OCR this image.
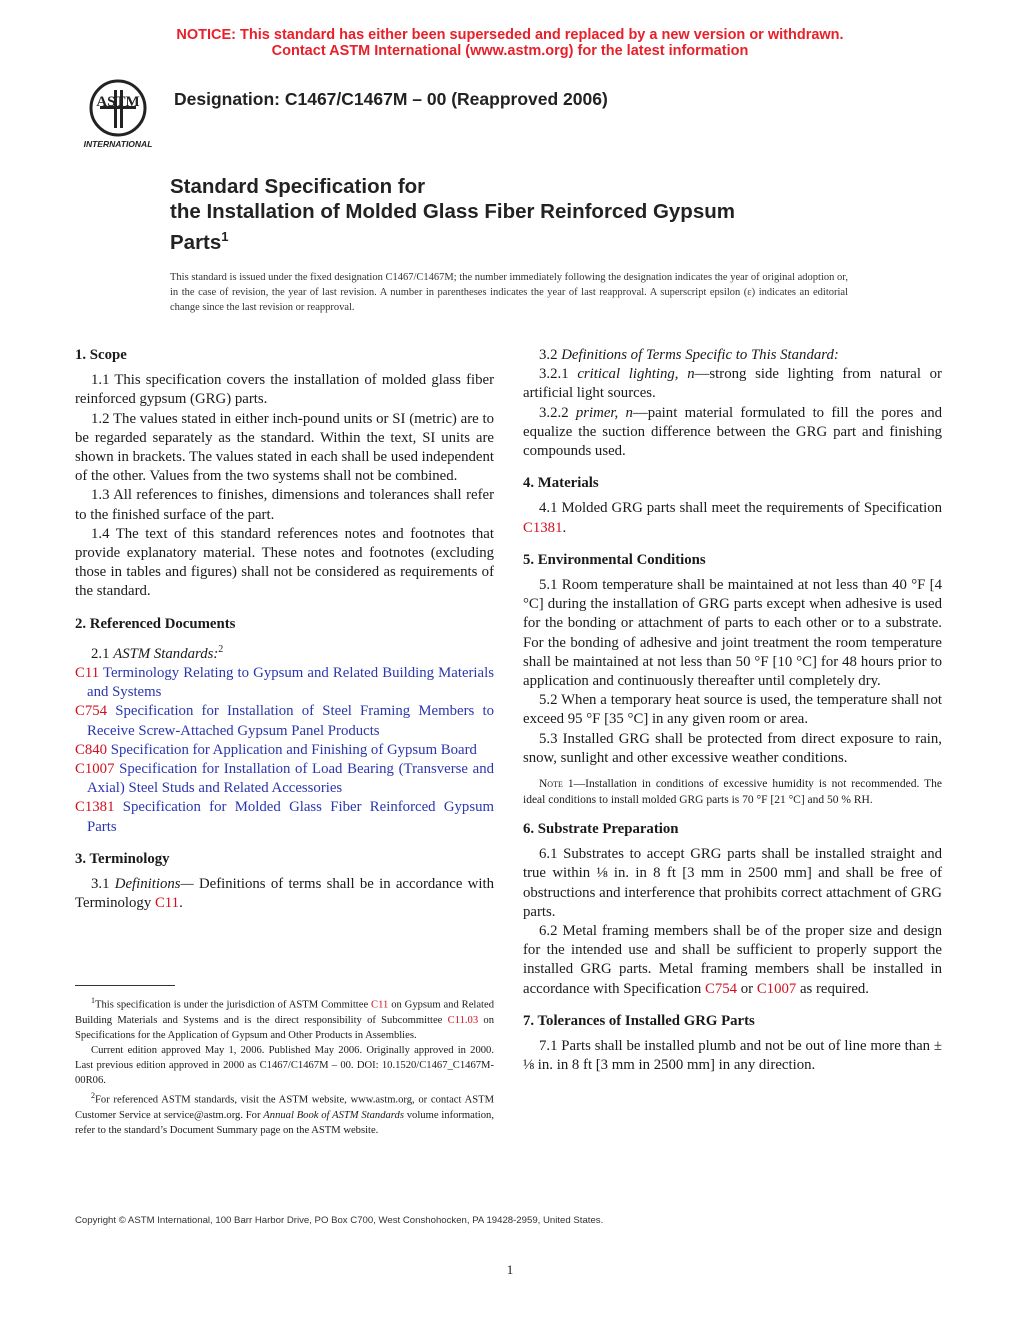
NOTICE: This standard has either been superseded and replaced by a new version or withdrawn.
Contact ASTM International (www.astm.org) for the latest information
ASTM
INTERNATIONAL
Designation: C1467/C1467M – 00 (Reapproved 2006)
Standard Specification for
the Installation of Molded Glass Fiber Reinforced Gypsum
Parts$^1$
This standard is issued under the fixed designation C1467/C1467M; the number immediately following the designation indicates the year of original adoption or, in the case of revision, the year of last revision. A number in parentheses indicates the year of last reapproval. A superscript epsilon (ε) indicates an editorial change since the last revision or reapproval.
1. Scope

1.1 This specification covers the installation of molded glass fiber reinforced gypsum (GRG) parts.

1.2 The values stated in either inch-pound units or SI (metric) are to be regarded separately as the standard. Within the text, SI units are shown in brackets. The values stated in each shall be used independent of the other. Values from the two systems shall not be combined.

1.3 All references to finishes, dimensions and tolerances shall refer to the finished surface of the part.

1.4 The text of this standard references notes and footnotes that provide explanatory material. These notes and footnotes (excluding those in tables and figures) shall not be considered as requirements of the standard.

2. Referenced Documents

2.1 ASTM Standards:$^2$

C11 Terminology Relating to Gypsum and Related Building Materials and Systems
C754 Specification for Installation of Steel Framing Members to Receive Screw-Attached Gypsum Panel Products
C840 Specification for Application and Finishing of Gypsum Board
C1007 Specification for Installation of Load Bearing (Transverse and Axial) Steel Studs and Related Accessories
C1381 Specification for Molded Glass Fiber Reinforced Gypsum Parts
3. Terminology

3.1 Definitions— Definitions of terms shall be in accordance with Terminology C11.

$^1$This specification is under the jurisdiction of ASTM Committee C11 on Gypsum and Related Building Materials and Systems and is the direct responsibility of Subcommittee C11.03 on Specifications for the Application of Gypsum and Other Products in Assemblies.

Current edition approved May 1, 2006. Published May 2006. Originally approved in 2000. Last previous edition approved in 2000 as C1467/C1467M – 00. DOI: 10.1520/C1467_C1467M-00R06.

$^2$For referenced ASTM standards, visit the ASTM website, www.astm.org, or contact ASTM Customer Service at service@astm.org. For Annual Book of ASTM Standards volume information, refer to the standard’s Document Summary page on the ASTM website.

3.2 Definitions of Terms Specific to This Standard:

3.2.1 critical lighting, n—strong side lighting from natural or artificial light sources.

3.2.2 primer, n—paint material formulated to fill the pores and equalize the suction difference between the GRG part and finishing compounds used.

4. Materials

4.1 Molded GRG parts shall meet the requirements of Specification C1381.

5. Environmental Conditions

5.1 Room temperature shall be maintained at not less than 40 °F [4 °C] during the installation of GRG parts except when adhesive is used for the bonding or attachment of parts to each other or to a substrate. For the bonding of adhesive and joint treatment the room temperature shall be maintained at not less than 50 °F [10 °C] for 48 hours prior to application and continuously thereafter until completely dry.

5.2 When a temporary heat source is used, the temperature shall not exceed 95 °F [35 °C] in any given room or area.

5.3 Installed GRG shall be protected from direct exposure to rain, snow, sunlight and other excessive weather conditions.

Note 1—Installation in conditions of excessive humidity is not recommended. The ideal conditions to install molded GRG parts is 70 °F [21 °C] and 50 % RH.

6. Substrate Preparation

6.1 Substrates to accept GRG parts shall be installed straight and true within ⅛ in. in 8 ft [3 mm in 2500 mm] and shall be free of obstructions and interference that prohibits correct attachment of GRG parts.

6.2 Metal framing members shall be of the proper size and design for the intended use and shall be sufficient to properly support the installed GRG parts. Metal framing members shall be installed in accordance with Specification C754 or C1007 as required.

7. Tolerances of Installed GRG Parts

7.1 Parts shall be installed plumb and not be out of line more than ± ⅛ in. in 8 ft [3 mm in 2500 mm] in any direction.

Copyright © ASTM International, 100 Barr Harbor Drive, PO Box C700, West Conshohocken, PA 19428-2959, United States.
1
